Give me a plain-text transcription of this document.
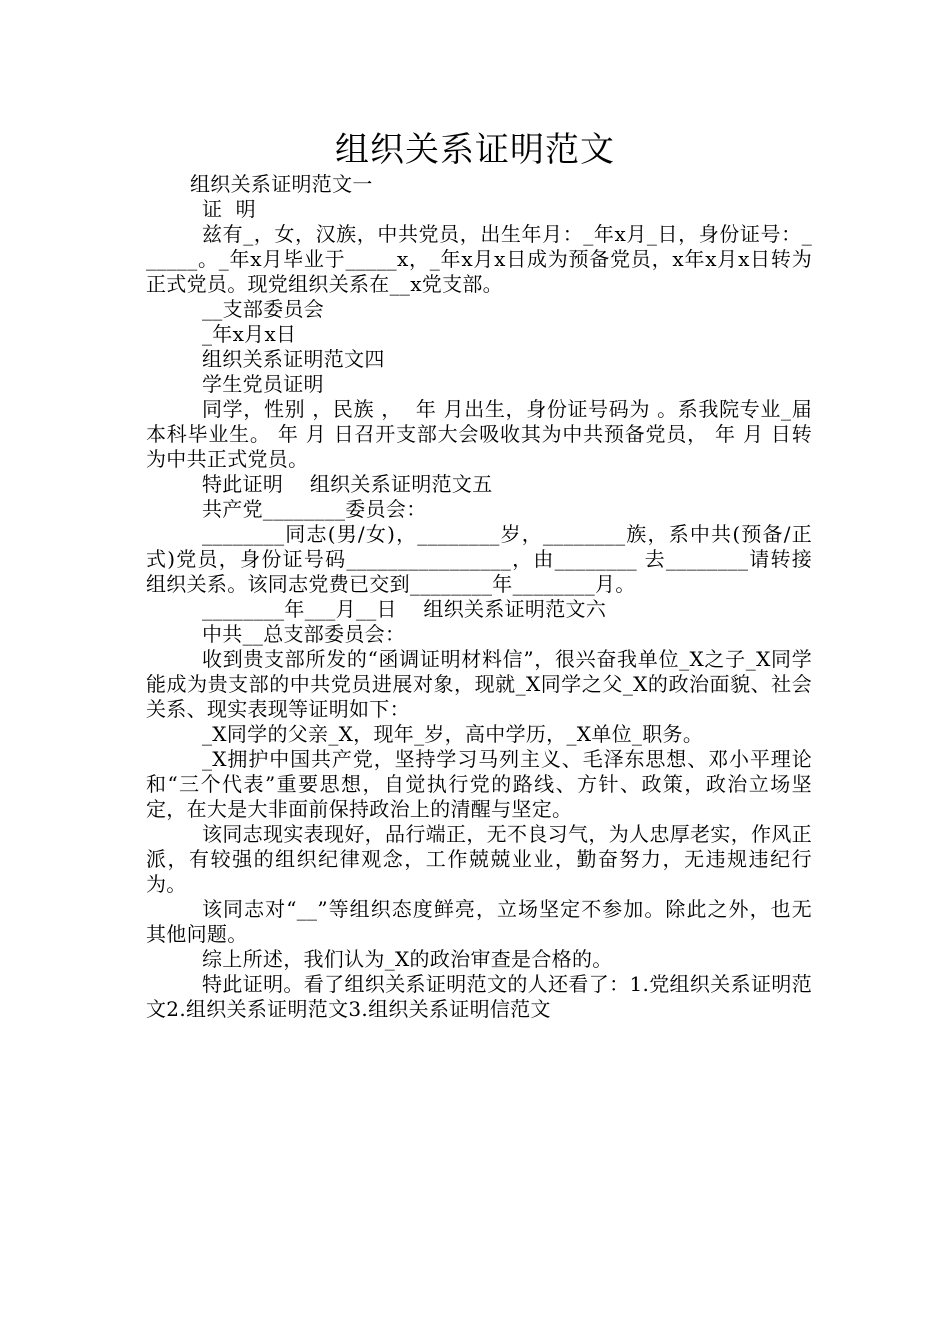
组织关系证明范文

组织关系证明范文一

证  明

兹有_，女，汉族，中共党员，出生年月：_年x月_日，身份证号：______。_年x月毕业于_____x，_年x月x日成为预备党员，x年x月x日转为正式党员。现党组织关系在__x党支部。

__支部委员会

_年x月x日

组织关系证明范文四

学生党员证明

同学，性别 ，民族 ，  年 月出生，身份证号码为 。系我院专业_届本科毕业生。 年 月 日召开支部大会吸收其为中共预备党员， 年 月 日转为中共正式党员。

特此证明    组织关系证明范文五

共产党________委员会：

________同志(男/女)，________岁，________族，系中共(预备/正式)党员，身份证号码________________，由________ 去________请转接组织关系。该同志党费已交到________年________月。

________年___月__日    组织关系证明范文六

中共__总支部委员会：

收到贵支部所发的“函调证明材料信”，很兴奋我单位_X之子_X同学能成为贵支部的中共党员进展对象，现就_X同学之父_X的政治面貌、社会关系、现实表现等证明如下：

_X同学的父亲_X，现年_岁，高中学历，_X单位_职务。

_X拥护中国共产党，坚持学习马列主义、毛泽东思想、邓小平理论和“三个代表”重要思想，自觉执行党的路线、方针、政策，政治立场坚定，在大是大非面前保持政治上的清醒与坚定。

该同志现实表现好，品行端正，无不良习气，为人忠厚老实，作风正派，有较强的组织纪律观念，工作兢兢业业，勤奋努力，无违规违纪行为。

该同志对“__”等组织态度鲜亮，立场坚定不参加。除此之外，也无其他问题。

综上所述，我们认为_X的政治审查是合格的。

特此证明。看了组织关系证明范文的人还看了：1.党组织关系证明范文2.组织关系证明范文3.组织关系证明信范文
